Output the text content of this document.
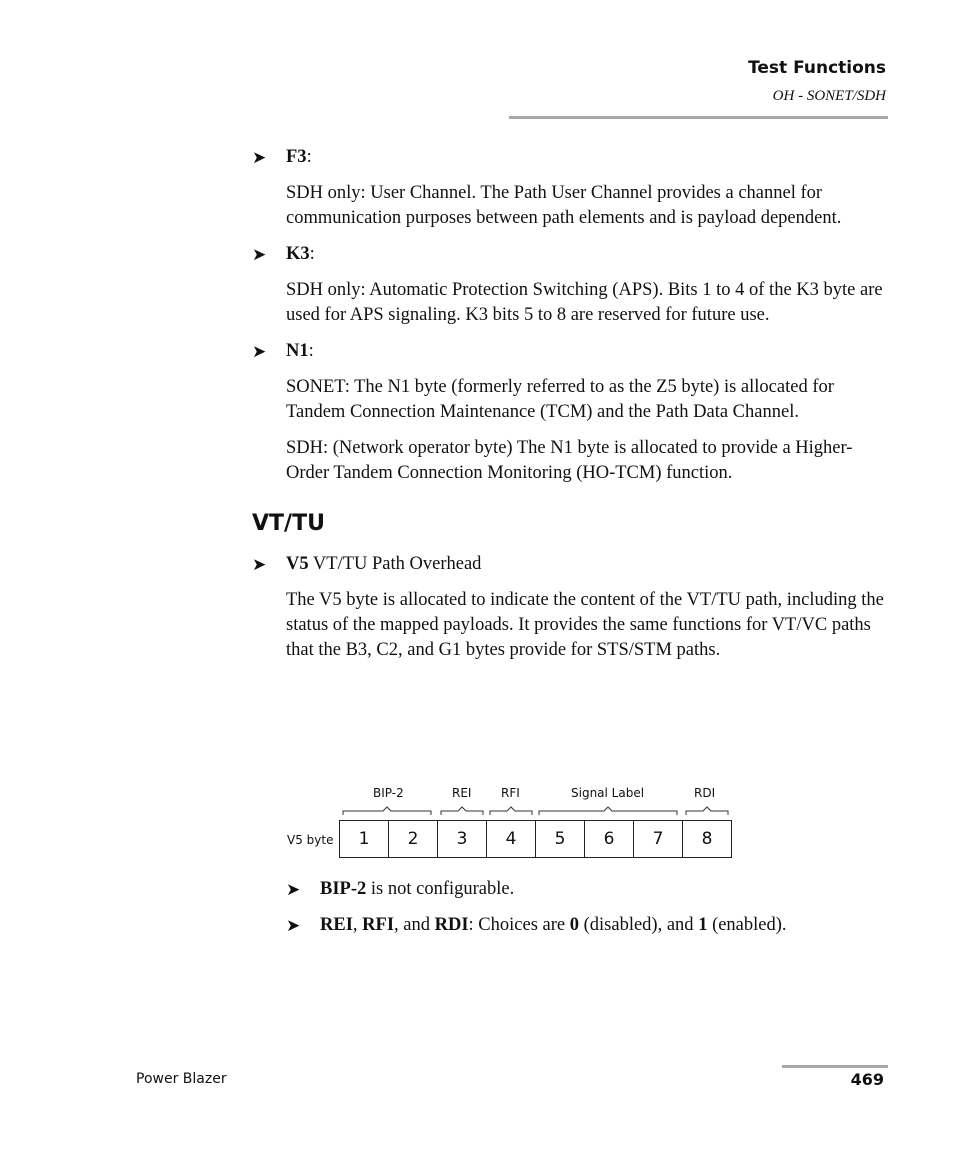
Test Functions
OH - SONET/SDH
➤ F3:

SDH only: User Channel. The Path User Channel provides a channel for communication purposes between path elements and is payload dependent.

➤ K3:

SDH only: Automatic Protection Switching (APS). Bits 1 to 4 of the K3 byte are used for APS signaling. K3 bits 5 to 8 are reserved for future use.

➤ N1:

SONET: The N1 byte (formerly referred to as the Z5 byte) is allocated for Tandem Connection Maintenance (TCM) and the Path Data Channel.

SDH: (Network operator byte) The N1 byte is allocated to provide a Higher-Order Tandem Connection Monitoring (HO-TCM) function.

VT/TU
➤ V5 VT/TU Path Overhead

The V5 byte is allocated to indicate the content of the VT/TU path, including the status of the mapped payloads. It provides the same functions for VT/VC paths that the B3, C2, and G1 bytes provide for STS/STM paths.

BIP-2	REI RFI	Signal Label	RDI
V5 byte	1	2	3	4	5	6	7	8
➤ BIP-2 is not configurable.
➤ REI, RFI, and RDI: Choices are 0 (disabled), and 1 (enabled).
Power Blazer	469
